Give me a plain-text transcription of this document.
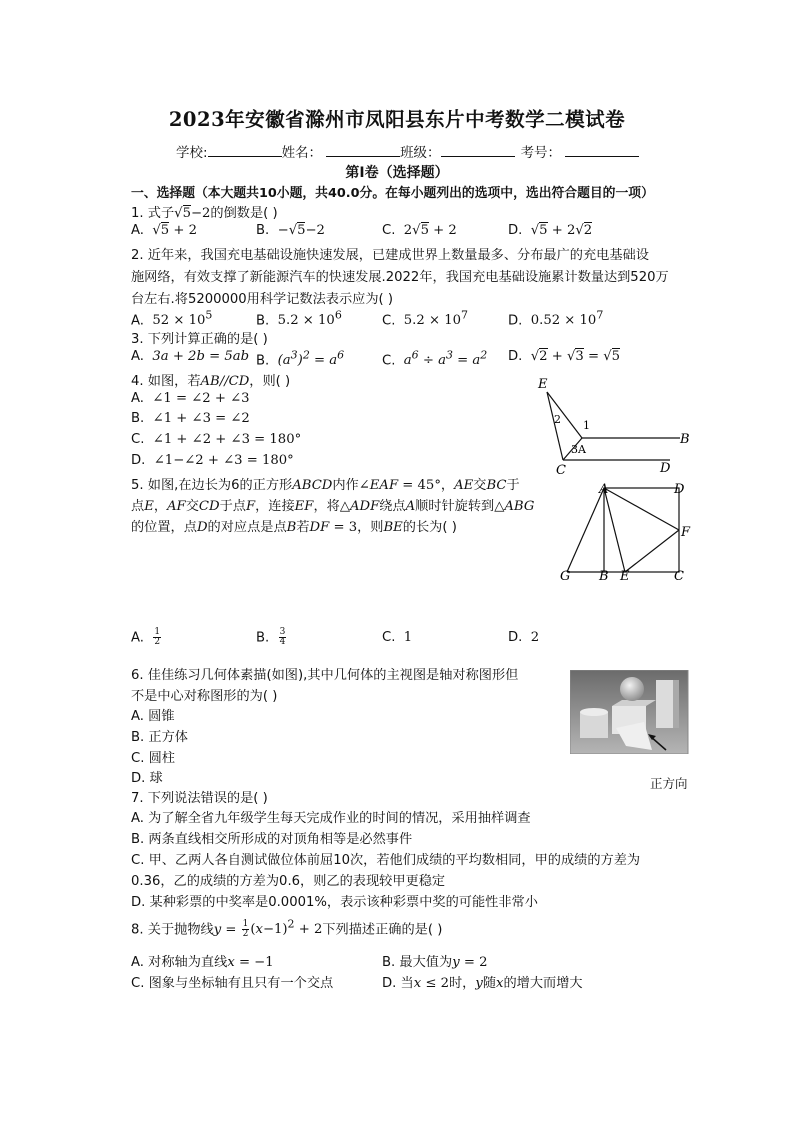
2023年安徽省滁州市凤阳县东片中考数学二模试卷
学校:	姓名：	班级：	考号：
第I卷（选择题）
一、选择题（本大题共10小题，共40.0分。在每小题列出的选项中，选出符合题目的一项）
1. 式子√5−2的倒数是( )
A. √5 + 2	B. −√5−2	C. 2√5 + 2	D. √5 + 2√2
2. 近年来，我国充电基础设施快速发展，已建成世界上数量最多、分布最广的充电基础设
施网络，有效支撑了新能源汽车的快速发展.2022年，我国充电基础设施累计数量达到520万
台左右.将5200000用科学记数法表示应为( )
A. $52 \times 10^5$	B. $5.2 \times 10^6$	C. $5.2 \times 10^7$	D. $0.52 \times 10^7$
3. 下列计算正确的是( )
A. 3a + 2b = 5ab B. $(a^3)^2 = a^6$	C. $a^6 \div a^3 = a^2$ D. √2 + √3 = √5
4. 如图，若AB//CD，则( )
A. ∠1 = ∠2 + ∠3
B. ∠1 + ∠3 = ∠2
C. ∠1 + ∠2 + ∠3 = 180°
D. ∠1−∠2 + ∠3 = 180°
E
B
C	D
1
2
3A
5. 如图,在边长为6的正方形ABCD内作∠EAF = 45°，AE交BC于
点E，AF交CD于点F，连接EF，将△ADF绕点A顺时针旋转到△ABG
的位置，点D的对应点是点B若DF = 3，则BE的长为( )
A	D
F
G B E	C
A. $\frac{1}{2}$	B. $\frac{3}{4}$	C. 1	D. 2
6. 佳佳练习几何体素描(如图),其中几何体的主视图是轴对称图形但
不是中心对称图形的为( )
A. 圆锥
B. 正方体
C. 圆柱
D. 球	正方向
7. 下列说法错误的是( )
A. 为了解全省九年级学生每天完成作业的时间的情况，采用抽样调查
B. 两条直线相交所形成的对顶角相等是必然事件
C. 甲、乙两人各自测试做位体前屈10次，若他们成绩的平均数相同，甲的成绩的方差为
0.36，乙的成绩的方差为0.6，则乙的表现较甲更稳定
D. 某种彩票的中奖率是0.0001%，表示该种彩票中奖的可能性非常小
8. 关于抛物线$y = \frac{1}{2} (x-1)^2 + 2$下列描述正确的是( )
A. 对称轴为直线x = −1	B. 最大值为y = 2
C. 图象与坐标轴有且只有一个交点	D. 当x ≤ 2时，y随x的增大而增大
